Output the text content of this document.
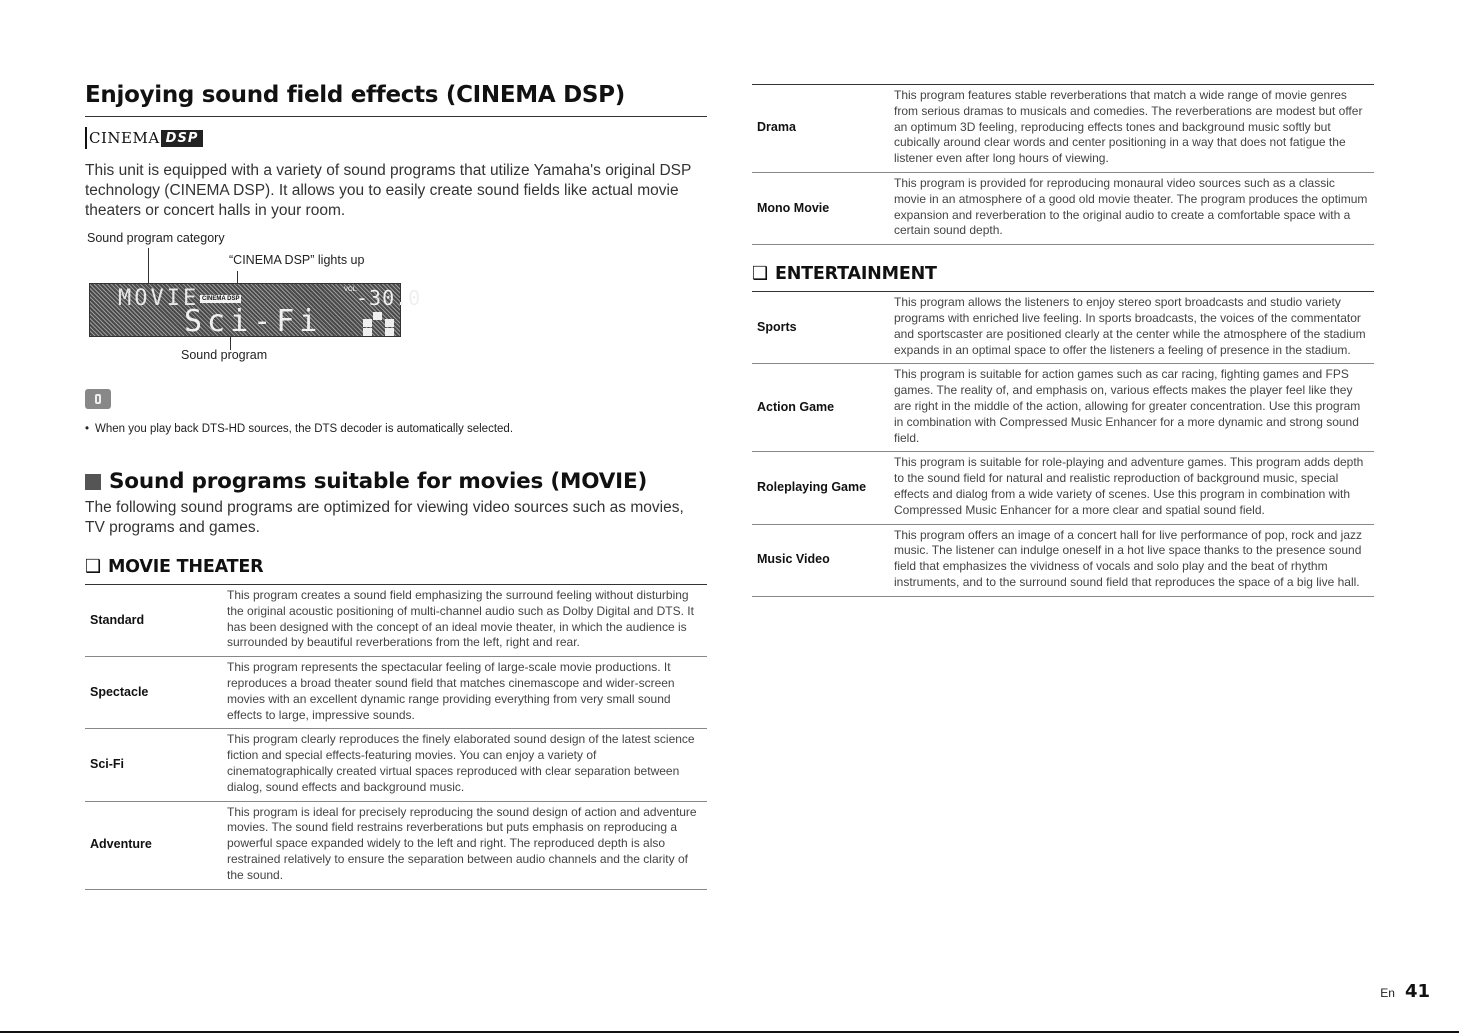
Enjoying sound field effects (CINEMA DSP)
CINEMA DSP

This unit is equipped with a variety of sound programs that utilize Yamaha's original DSP technology (CINEMA DSP). It allows you to easily create sound fields like actual movie theaters or concert halls in your room.

Sound program category
“CINEMA DSP” lights up
MOVIE CINEMA DSP
VOL.
-30.0
Sci-Fi
Sound program
• When you play back DTS-HD sources, the DTS decoder is automatically selected.
Sound programs suitable for movies (MOVIE)

The following sound programs are optimized for viewing video sources such as movies, TV programs and games.

❑ MOVIE THEATER
Standard
This program creates a sound field emphasizing the surround feeling without disturbing the original acoustic positioning of multi-channel audio such as Dolby Digital and DTS. It has been designed with the concept of an ideal movie theater, in which the audience is surrounded by beautiful reverberations from the left, right and rear.
Spectacle
This program represents the spectacular feeling of large-scale movie productions. It reproduces a broad theater sound field that matches cinemascope and wider-screen movies with an excellent dynamic range providing everything from very small sound effects to large, impressive sounds.
Sci-Fi
This program clearly reproduces the finely elaborated sound design of the latest science fiction and special effects-featuring movies. You can enjoy a variety of cinematographically created virtual spaces reproduced with clear separation between dialog, sound effects and background music.
Adventure
This program is ideal for precisely reproducing the sound design of action and adventure movies. The sound field restrains reverberations but puts emphasis on reproducing a powerful space expanded widely to the left and right. The reproduced depth is also restrained relatively to ensure the separation between audio channels and the clarity of the sound.
Drama
This program features stable reverberations that match a wide range of movie genres from serious dramas to musicals and comedies. The reverberations are modest but offer an optimum 3D feeling, reproducing effects tones and background music softly but cubically around clear words and center positioning in a way that does not fatigue the listener even after long hours of viewing.
Mono Movie
This program is provided for reproducing monaural video sources such as a classic movie in an atmosphere of a good old movie theater. The program produces the optimum expansion and reverberation to the original audio to create a comfortable space with a certain sound depth.
❑ ENTERTAINMENT
Sports
This program allows the listeners to enjoy stereo sport broadcasts and studio variety programs with enriched live feeling. In sports broadcasts, the voices of the commentator and sportscaster are positioned clearly at the center while the atmosphere of the stadium expands in an optimal space to offer the listeners a feeling of presence in the stadium.
Action Game
This program is suitable for action games such as car racing, fighting games and FPS games. The reality of, and emphasis on, various effects makes the player feel like they are right in the middle of the action, allowing for greater concentration. Use this program in combination with Compressed Music Enhancer for a more dynamic and strong sound field.
Roleplaying Game
This program is suitable for role-playing and adventure games. This program adds depth to the sound field for natural and realistic reproduction of background music, special effects and dialog from a wide variety of scenes. Use this program in combination with Compressed Music Enhancer for a more clear and spatial sound field.
Music Video
This program offers an image of a concert hall for live performance of pop, rock and jazz music. The listener can indulge oneself in a hot live space thanks to the presence sound field that emphasizes the vividness of vocals and solo play and the beat of rhythm instruments, and to the surround sound field that reproduces the space of a big live hall.
En 41
